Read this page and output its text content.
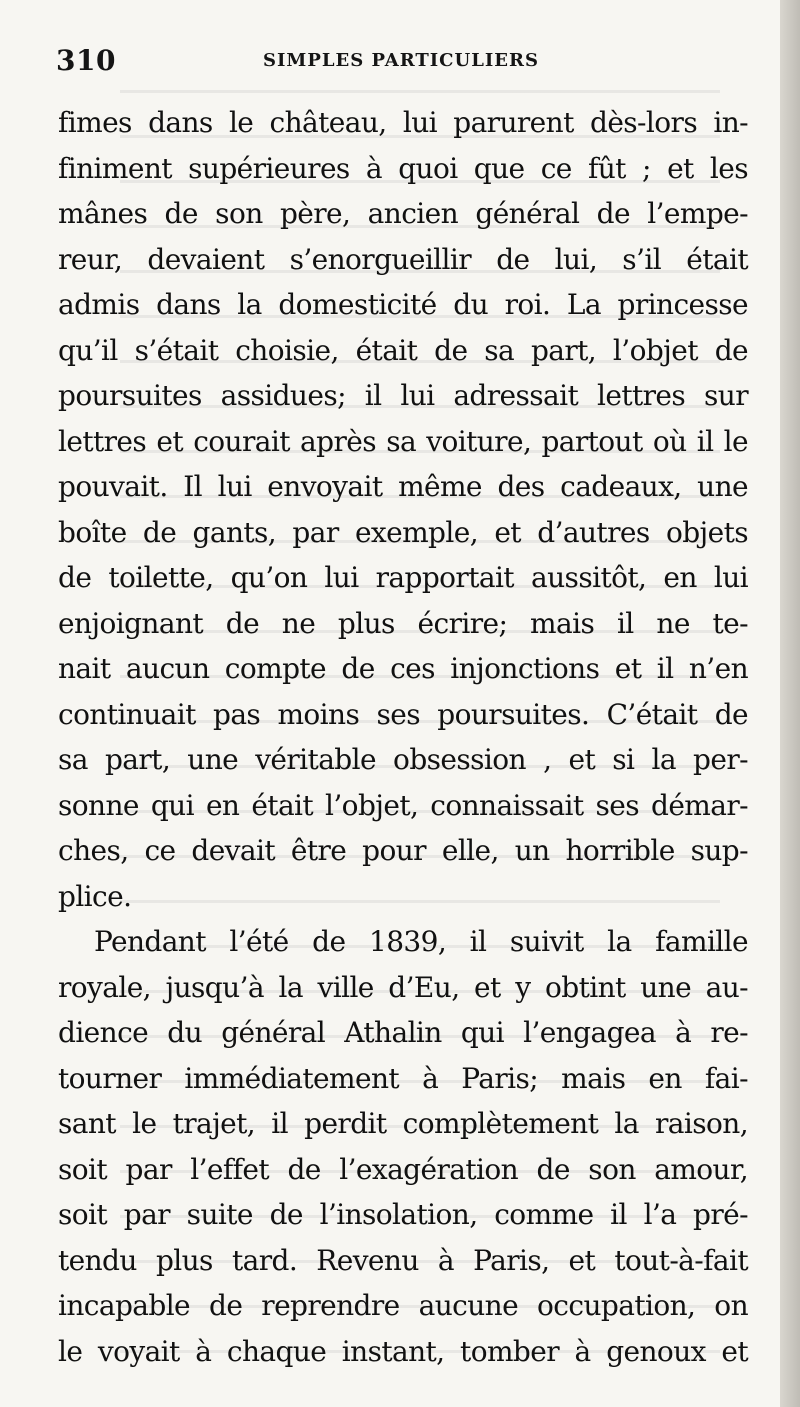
310	SIMPLES PARTICULIERS
fimes dans le château, lui parurent dès-lors in-
finiment supérieures à quoi que ce fût ; et les
mânes de son père, ancien général de l’empe-
reur, devaient s’enorgueillir de lui, s’il était
admis dans la domesticité du roi. La princesse
qu’il s’était choisie, était de sa part, l’objet de
poursuites assidues; il lui adressait lettres sur
lettres et courait après sa voiture, partout où il le
pouvait. Il lui envoyait même des cadeaux, une
boîte de gants, par exemple, et d’autres objets
de toilette, qu’on lui rapportait aussitôt, en lui
enjoignant de ne plus écrire; mais il ne te-
nait aucun compte de ces injonctions et il n’en
continuait pas moins ses poursuites. C’était de
sa part, une véritable obsession , et si la per-
sonne qui en était l’objet, connaissait ses démar-
ches, ce devait être pour elle, un horrible sup-
plice.
Pendant l’été de 1839, il suivit la famille
royale, jusqu’à la ville d’Eu, et y obtint une au-
dience du général Athalin qui l’engagea à re-
tourner immédiatement à Paris; mais en fai-
sant le trajet, il perdit complètement la raison,
soit par l’effet de l’exagération de son amour,
soit par suite de l’insolation, comme il l’a pré-
tendu plus tard. Revenu à Paris, et tout-à-fait
incapable de reprendre aucune occupation, on
le voyait à chaque instant, tomber à genoux et
